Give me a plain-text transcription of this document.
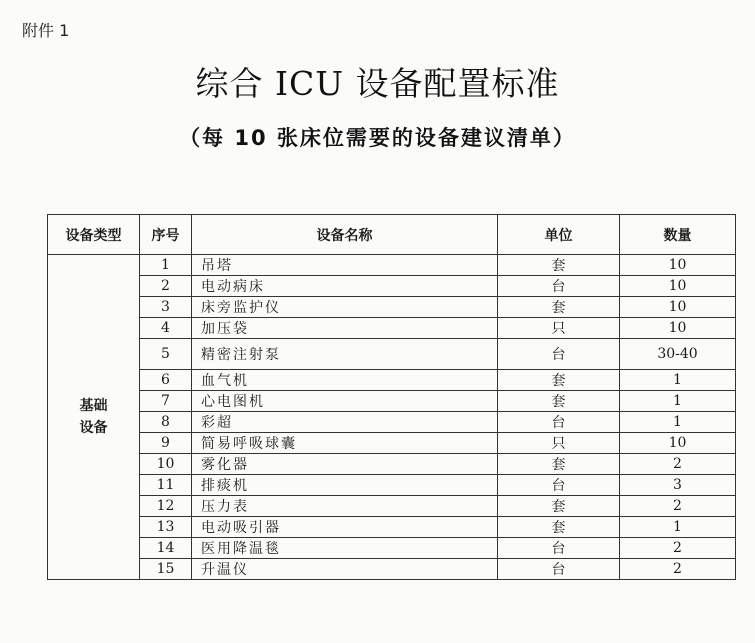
附件 1
综合 ICU 设备配置标准
（每 10 张床位需要的设备建议清单）
设备类型	序号	设备名称	单位	数量
基础
设备	1	吊塔	套	10
	2	电动病床	台	10
	3	床旁监护仪	套	10
	4	加压袋	只	10
	5	精密注射泵	台	30-40
	6	血气机	套	1
	7	心电图机	套	1
	8	彩超	台	1
	9	简易呼吸球囊	只	10
	10	雾化器	套	2
	11	排痰机	台	3
	12	压力表	套	2
	13	电动吸引器	套	1
	14	医用降温毯	台	2
	15	升温仪	台	2
